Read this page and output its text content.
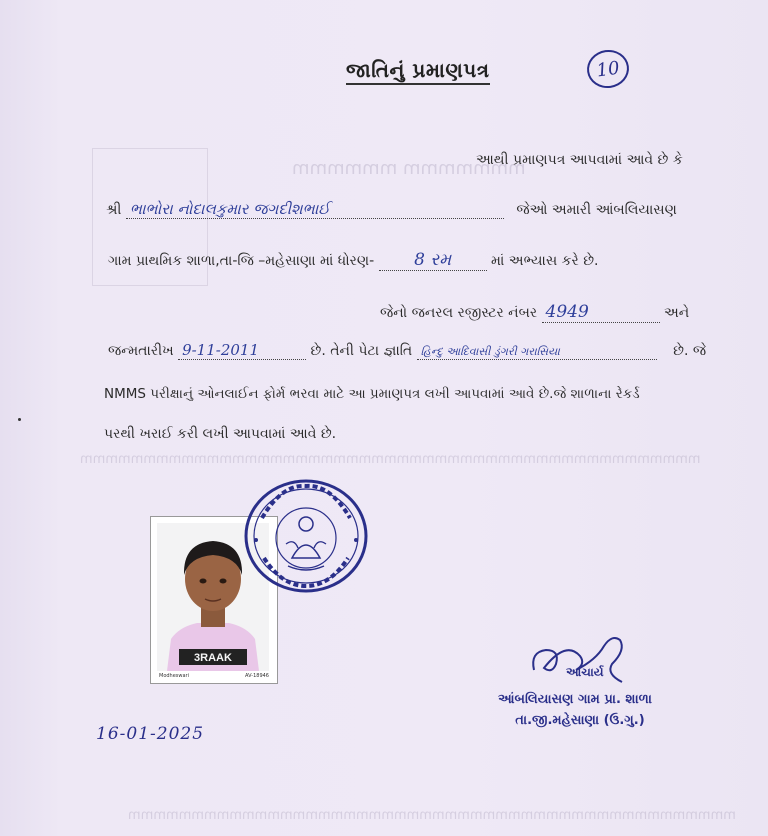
mmmmmmm mmmmmm
mmmmmmmmmmmmmmmmmmmmmmmmmmmmmmmmmmmmmmmmmmmmmmmmm
mmmmmmmmmmmmmmmmmmmmmmmmmmmmmmmmmmmmmmmmmmmmmmmm
જાતિનું પ્રમાણપત્ર	10
આથી પ્રમાણપત્ર આપવામાં આવે છે કે
શ્રી ભાભોરા નોદાલકુમાર જગદીશભાઈ	જેઓ અમારી આંબલિયાસણ
ગામ પ્રાથમિક શાળા,તા-જિ –મહેસાણા માં ધોરણ- 8 રમ	માં અભ્યાસ કરે છે.
જેનો જનરલ રજીસ્ટર નંબર 4949	અને
જન્મતારીખ 9-11-2011	છે. તેની પેટા જ્ઞાતિ હિન્દુ આદિવાસી ડુંગરી ગરાસિયા	છે. જે
NMMS પરીક્ષાનું ઓનલાઈન ફોર્મ ભરવા માટે આ પ્રમાણપત્ર લખી આપવામાં આવે છે.જે શાળાના રેકર્ડ
પરથી ખરાઈ કરી લખી આપવામાં આવે છે.
3RAAK
Modheswari	AV-18946	આચાર્ય
આંબલિયાસણ ગામ પ્રા. શાળા
તા.જી.મહેસાણા (ઉ.ગુ.)
16-01-2025
